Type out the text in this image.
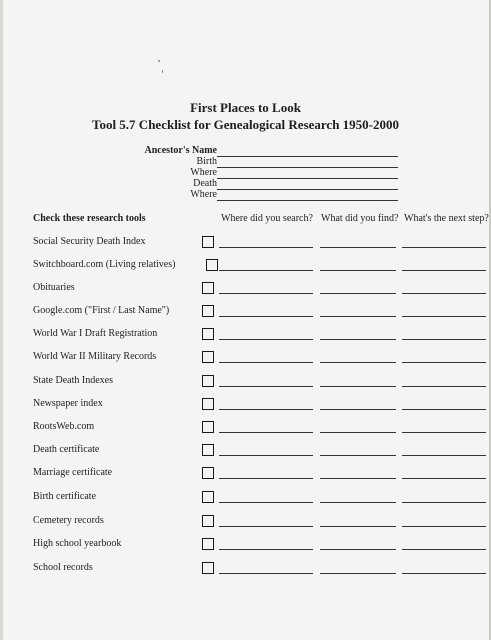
First Places to Look
Tool 5.7 Checklist for Genealogical Research 1950-2000
Ancestor's Name
Birth
Where
Death
Where
Check these research tools	Where did you search? What did you find? What's the next step?
Social Security Death Index
Switchboard.com (Living relatives)
Obituaries
Google.com ("First / Last Name")
World War I Draft Registration
World War II Military Records
State Death Indexes
Newspaper index
RootsWeb.com
Death certificate
Marriage certificate
Birth certificate
Cemetery records
High school yearbook
School records
